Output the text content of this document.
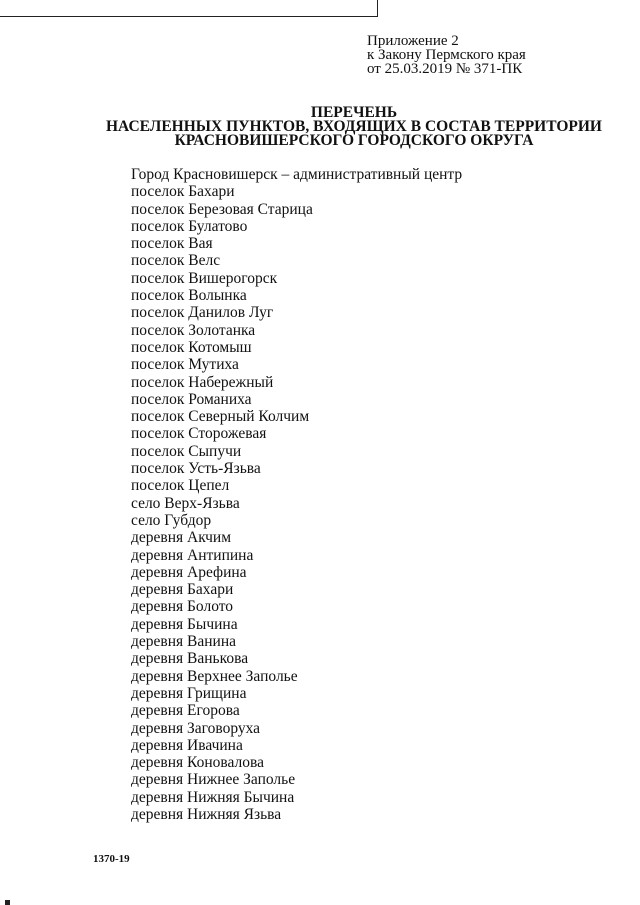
Приложение 2
к Закону Пермского края
от 25.03.2019 № 371-ПК
ПЕРЕЧЕНЬ
НАСЕЛЕННЫХ ПУНКТОВ, ВХОДЯЩИХ В СОСТАВ ТЕРРИТОРИИ
КРАСНОВИШЕРСКОГО ГОРОДСКОГО ОКРУГА
Город Красновишерск – административный центр
поселок Бахари
поселок Березовая Старица
поселок Булатово
поселок Вая
поселок Велс
поселок Вишерогорск
поселок Волынка
поселок Данилов Луг
поселок Золотанка
поселок Котомыш
поселок Мутиха
поселок Набережный
поселок Романиха
поселок Северный Колчим
поселок Сторожевая
поселок Сыпучи
поселок Усть-Язьва
поселок Цепел
село Верх-Язьва
село Губдор
деревня Акчим
деревня Антипина
деревня Арефина
деревня Бахари
деревня Болото
деревня Бычина
деревня Ванина
деревня Ванькова
деревня Верхнее Заполье
деревня Грищина
деревня Егорова
деревня Заговоруха
деревня Ивачина
деревня Коновалова
деревня Нижнее Заполье
деревня Нижняя Бычина
деревня Нижняя Язьва
1370-19
